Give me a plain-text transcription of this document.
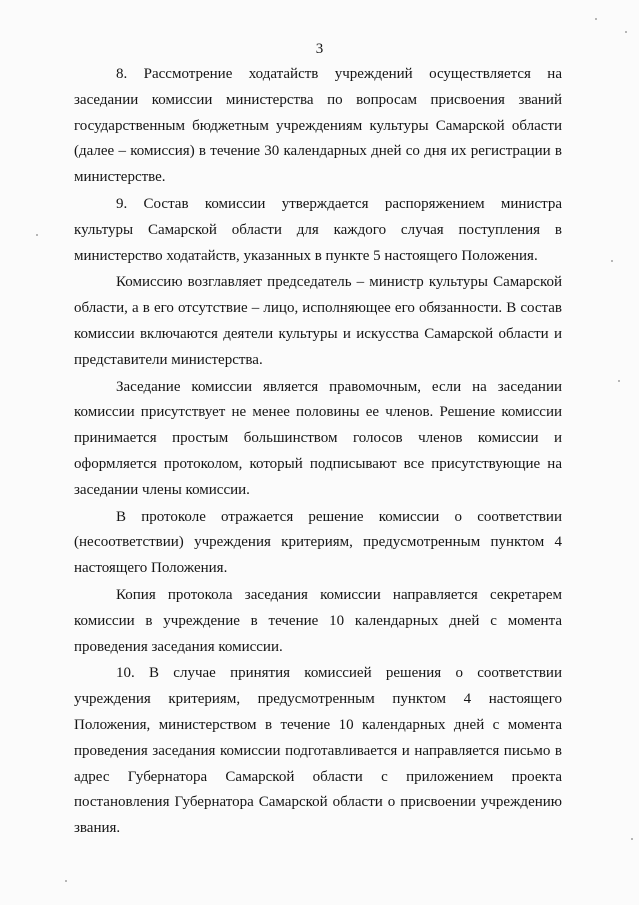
3

8. Рассмотрение ходатайств учреждений осуществляется на заседании комиссии министерства по вопросам присвоения званий государственным бюджетным учреждениям культуры Самарской области (далее – комиссия) в течение 30 календарных дней со дня их регистрации в министерстве.

9. Состав комиссии утверждается распоряжением министра культуры Самарской области для каждого случая поступления в министерство ходатайств, указанных в пункте 5 настоящего Положения.

Комиссию возглавляет председатель – министр культуры Самарской области, а в его отсутствие – лицо, исполняющее его обязанности. В состав комиссии включаются деятели культуры и искусства Самарской области и представители министерства.

Заседание комиссии является правомочным, если на заседании комиссии присутствует не менее половины ее членов. Решение комиссии принимается простым большинством голосов членов комиссии и оформляется протоколом, который подписывают все присутствующие на заседании члены комиссии.

В протоколе отражается решение комиссии о соответствии (несоответствии) учреждения критериям, предусмотренным пунктом 4 настоящего Положения.

Копия протокола заседания комиссии направляется секретарем комиссии в учреждение в течение 10 календарных дней с момента проведения заседания комиссии.

10. В случае принятия комиссией решения о соответствии учреждения критериям, предусмотренным пунктом 4 настоящего Положения, министерством в течение 10 календарных дней с момента проведения заседания комиссии подготавливается и направляется письмо в адрес Губернатора Самарской области с приложением проекта постановления Губернатора Самарской области о присвоении учреждению звания.
